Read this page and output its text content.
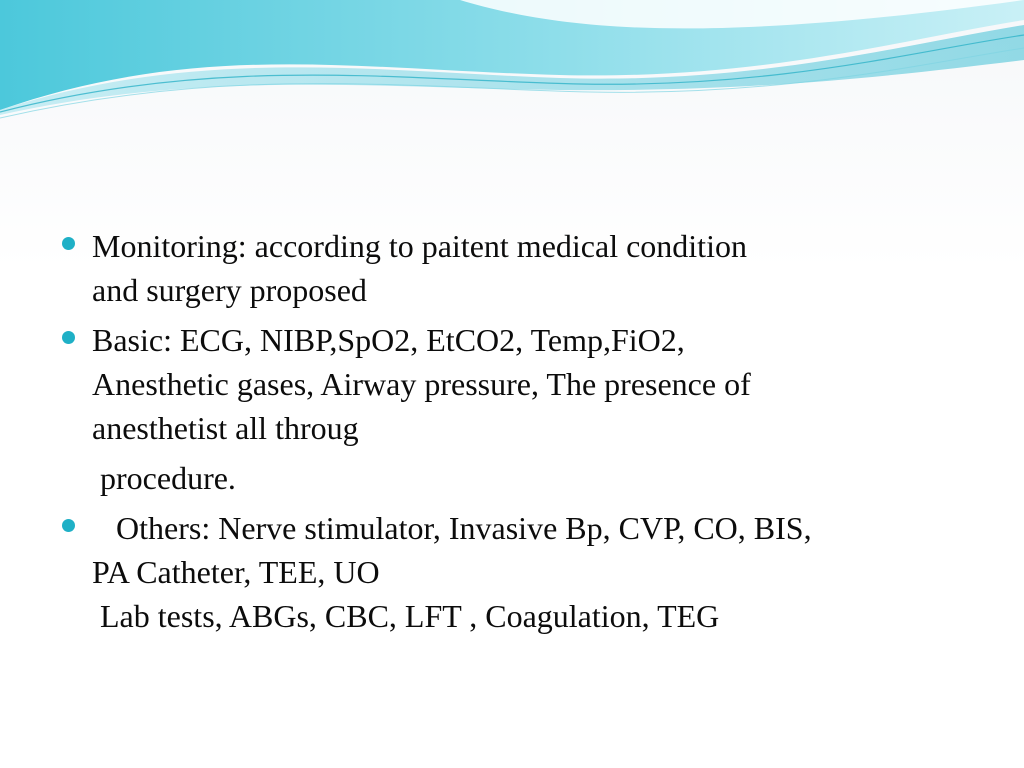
Monitoring: according to paitent medical condition
and surgery proposed
Basic: ECG, NIBP,SpO2, EtCO2, Temp,FiO2,
Anesthetic gases, Airway pressure, The presence of
anesthetist all throug
procedure.
Others: Nerve stimulator, Invasive Bp, CVP, CO, BIS,
PA Catheter, TEE, UO
Lab tests, ABGs, CBC, LFT , Coagulation, TEG
